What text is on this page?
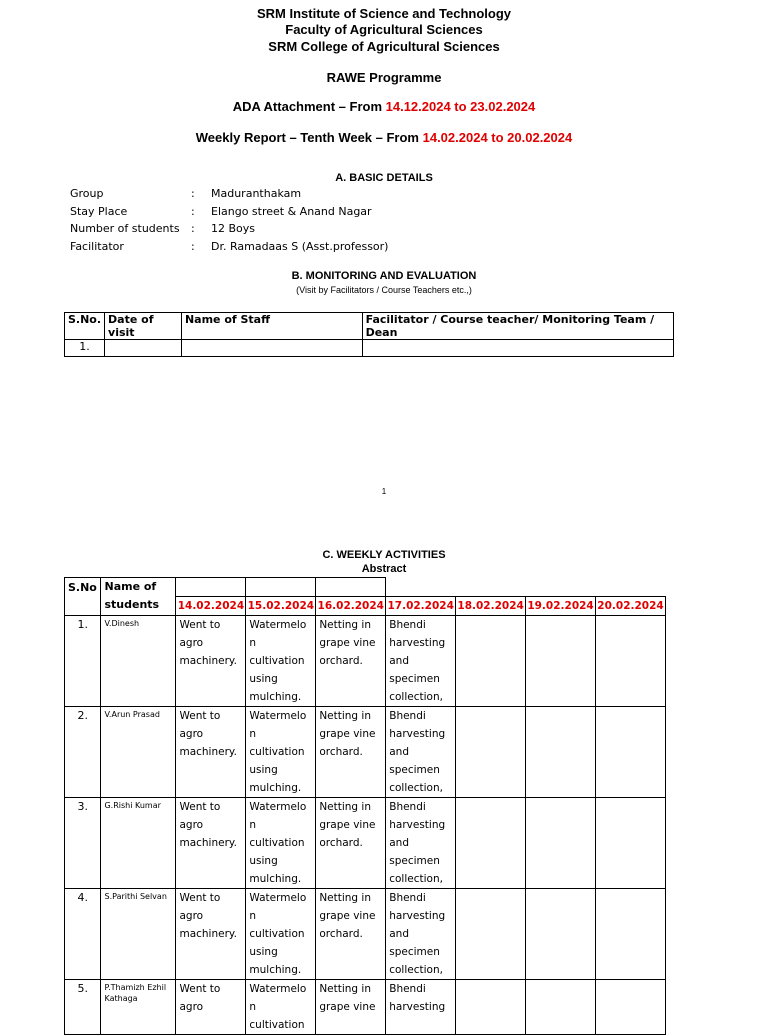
SRM Institute of Science and Technology
Faculty of Agricultural Sciences
SRM College of Agricultural Sciences
RAWE Programme
ADA Attachment – From 14.12.2024 to 23.02.2024
Weekly Report – Tenth Week – From 14.02.2024 to 20.02.2024
A. BASIC DETAILS
Group	: Maduranthakam
Stay Place	: Elango street & Anand Nagar
Number of students : 12 Boys
Facilitator	: Dr. Ramadaas S (Asst.professor)
B. MONITORING AND EVALUATION
(Visit by Facilitators / Course Teachers etc.,)
S.No.	Date of visit	Name of Staff	Facilitator / Course teacher/ Monitoring Team / Dean
1.			
1
C. WEEKLY ACTIVITIES
Abstract
S.No	Name of							
	students	14.02.2024	15.02.2024	16.02.2024	17.02.2024	18.02.2024	19.02.2024	20.02.2024
1.	V.Dinesh	Went to agro machinery.	Watermelo n cultivation using mulching.	Netting in grape vine orchard.	Bhendi harvesting and specimen collection,			
2.	V.Arun Prasad	Went to agro machinery.	Watermelo n cultivation using mulching.	Netting in grape vine orchard.	Bhendi harvesting and specimen collection,			
3.	G.Rishi Kumar	Went to agro machinery.	Watermelo n cultivation using mulching.	Netting in grape vine orchard.	Bhendi harvesting and specimen collection,			
4.	S.Parithi Selvan	Went to agro machinery.	Watermelo n cultivation using mulching.	Netting in grape vine orchard.	Bhendi harvesting and specimen collection,			
5.	P.Thamizh Ezhil Kathaga	Went to agro	Watermelo n cultivation	Netting in grape vine	Bhendi harvesting			
